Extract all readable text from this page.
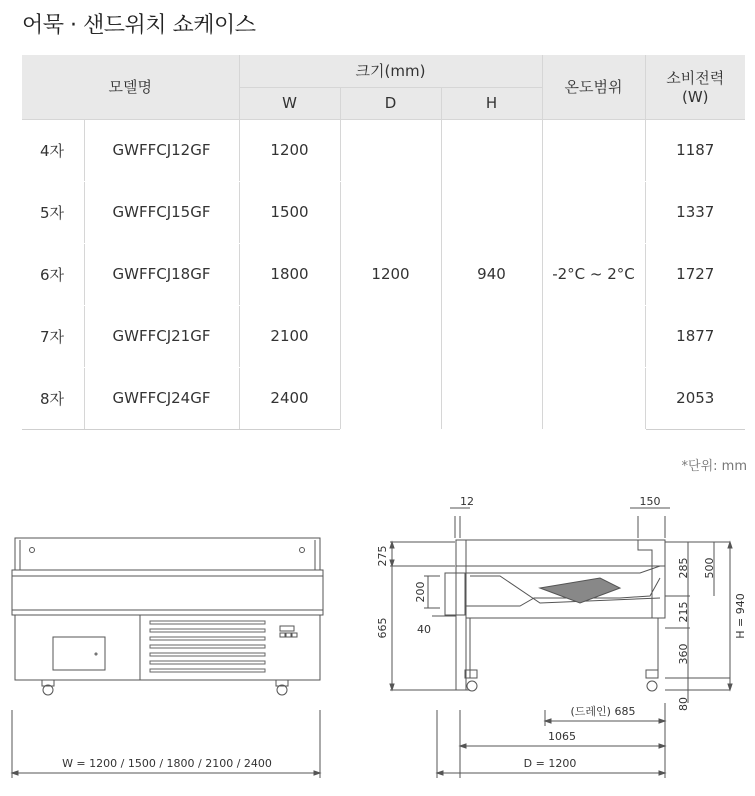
어묵 · 샌드위치 쇼케이스
모델명		크기(mm)			온도범위	소비전력
(W)

		W	D	H		
4자	GWFFCJ12GF	1200	1200	940	-2°C ~ 2°C	1187
5자	GWFFCJ15GF	1500				1337
6자	GWFFCJ18GF	1800				1727
7자	GWFFCJ21GF	2100				1877
8자	GWFFCJ24GF	2400				2053
*단위: mm
W = 1200 / 1500 / 1800 / 2100 / 2400
12	150
275
665
200
40
285
215
360
80
500
H = 940
(드레인) 685
1065
D = 1200
